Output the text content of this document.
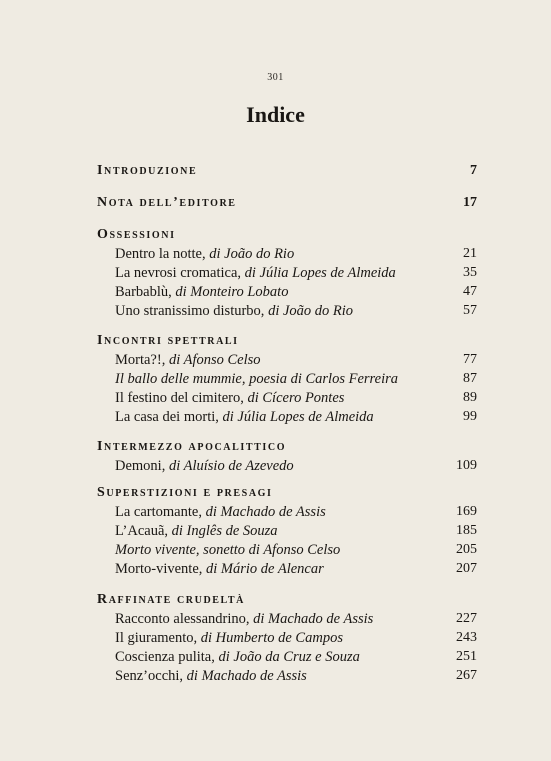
301
Indice
Introduzione	7
Nota dell’editore	17
Ossessioni
Dentro la notte, di João do Rio	21
La nevrosi cromatica, di Júlia Lopes de Almeida	35
Barbablù, di Monteiro Lobato	47
Uno stranissimo disturbo, di João do Rio	57
Incontri spettrali
Morta?!, di Afonso Celso	77
Il ballo delle mummie, poesia di Carlos Ferreira	87
Il festino del cimitero, di Cícero Pontes	89
La casa dei morti, di Júlia Lopes de Almeida	99
Intermezzo apocalittico
Demoni, di Aluísio de Azevedo	109
Superstizioni e presagi
La cartomante, di Machado de Assis	169
L’Acauã, di Inglês de Souza	185
Morto vivente, sonetto di Afonso Celso	205
Morto-vivente, di Mário de Alencar	207
Raffinate crudeltà
Racconto alessandrino, di Machado de Assis	227
Il giuramento, di Humberto de Campos	243
Coscienza pulita, di João da Cruz e Souza	251
Senz’occhi, di Machado de Assis	267
